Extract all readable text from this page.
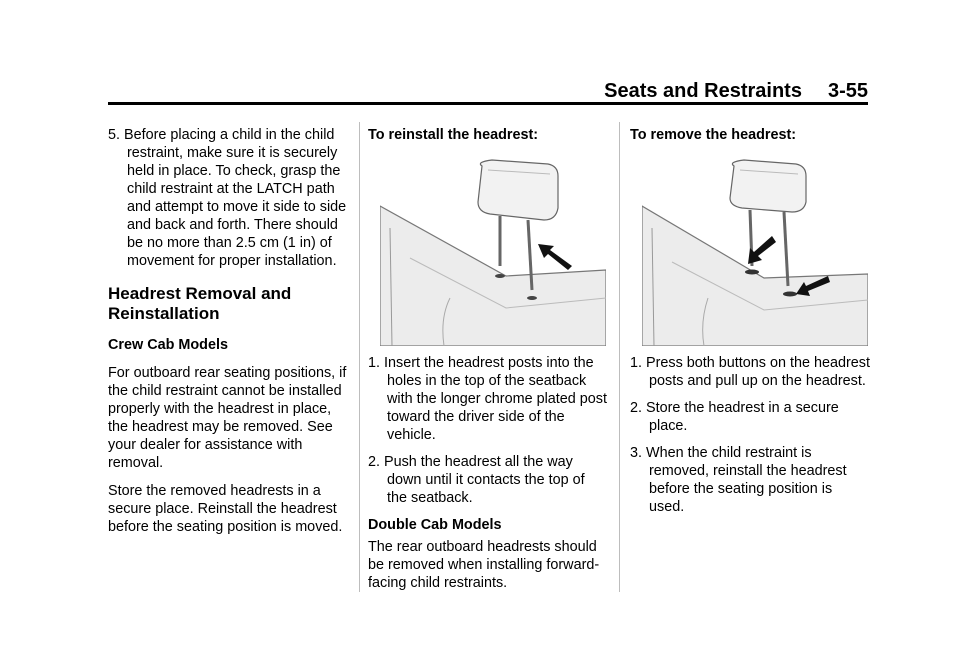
Seats and Restraints 3-55

5. Before placing a child in the child restraint, make sure it is securely held in place. To check, grasp the child restraint at the LATCH path and attempt to move it side to side and back and forth. There should be no more than 2.5 cm (1 in) of movement for proper installation.

Headrest Removal and Reinstallation
Crew Cab Models

For outboard rear seating positions, if the child restraint cannot be installed properly with the headrest in place, the headrest may be removed. See your dealer for assistance with removal.

Store the removed headrests in a secure place. Reinstall the headrest before the seating position is moved.

To reinstall the headrest:

1. Insert the headrest posts into the holes in the top of the seatback with the longer chrome plated post toward the driver side of the vehicle.

2. Push the headrest all the way down until it contacts the top of the seatback.

Double Cab Models

The rear outboard headrests should be removed when installing forward-facing child restraints.

To remove the headrest:

1. Press both buttons on the headrest posts and pull up on the headrest.

2. Store the headrest in a secure place.

3. When the child restraint is removed, reinstall the headrest before the seating position is used.
